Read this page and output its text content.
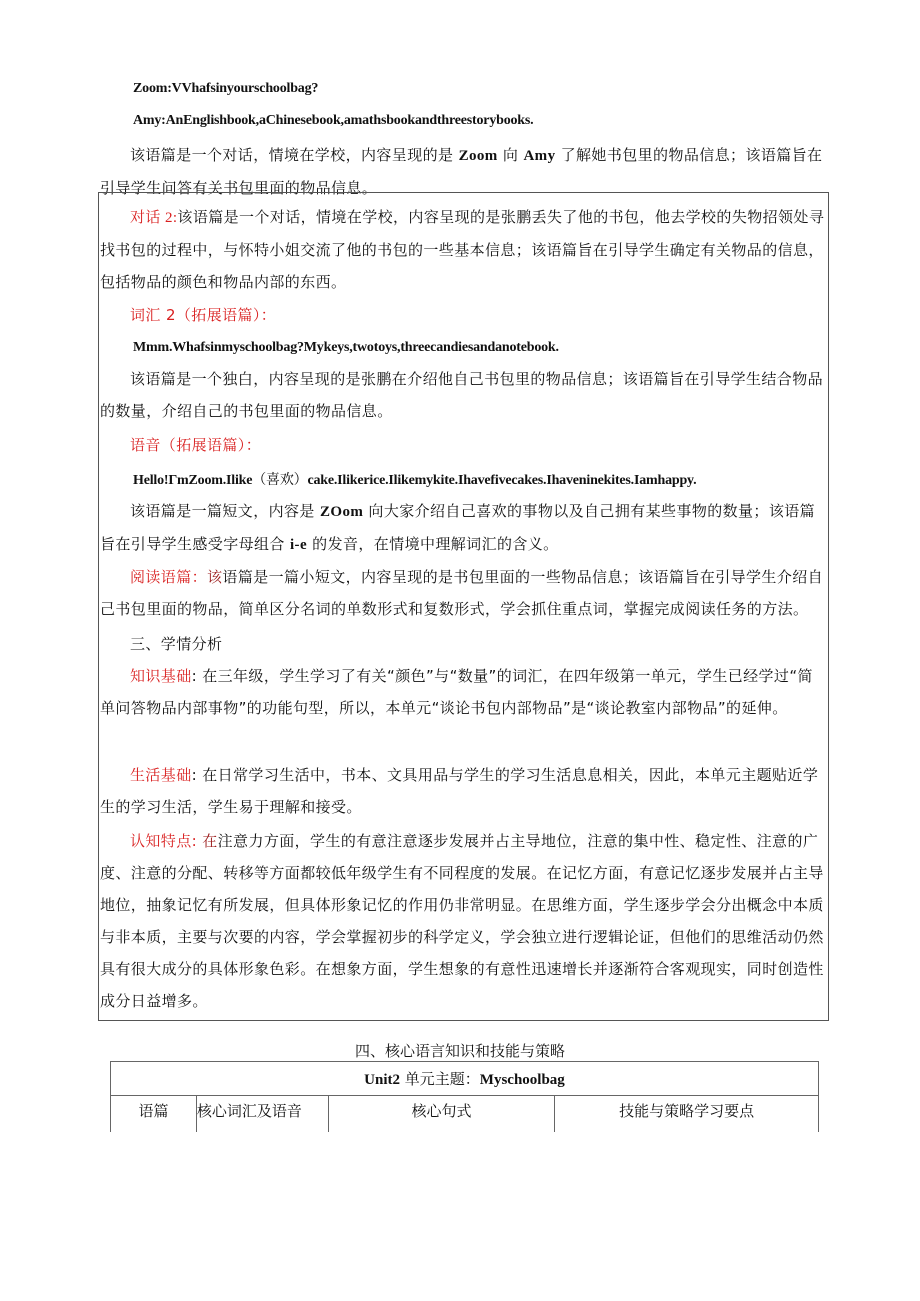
Zoom:VVhafsinyourschoolbag?
Amy:AnEnglishbook,aChinesebook,amathsbookandthreestorybooks.
该语篇是一个对话，情境在学校，内容呈现的是 Zoom 向 Amy 了解她书包里的物品信息；该语篇旨在引导学生问答有关书包里面的物品信息。
对话 2:该语篇是一个对话，情境在学校，内容呈现的是张鹏丢失了他的书包，他去学校的失物招领处寻找书包的过程中，与怀特小姐交流了他的书包的一些基本信息；该语篇旨在引导学生确定有关物品的信息，包括物品的颜色和物品内部的东西。
词汇 2（拓展语篇）：
Mmm.Whafsinmyschoolbag?Mykeys,twotoys,threecandiesandanotebook.
该语篇是一个独白，内容呈现的是张鹏在介绍他自己书包里的物品信息；该语篇旨在引导学生结合物品的数量，介绍自己的书包里面的物品信息。
语音（拓展语篇）：
Hello!ΓmZoom.Ilike（喜欢）cake.Ilikerice.Ilikemykite.Ihavefivecakes.Ihaveninekites.Iamhappy.
该语篇是一篇短文，内容是 ZOom 向大家介绍自己喜欢的事物以及自己拥有某些事物的数量；该语篇旨在引导学生感受字母组合 i-e 的发音，在情境中理解词汇的含义。
阅读语篇：该语篇是一篇小短文，内容呈现的是书包里面的一些物品信息；该语篇旨在引导学生介绍自己书包里面的物品，简单区分名词的单数形式和复数形式，学会抓住重点词，掌握完成阅读任务的方法。
三、学情分析
知识基础: 在三年级，学生学习了有关“颜色”与“数量”的词汇，在四年级第一单元，学生已经学过“简单问答物品内部事物”的功能句型，所以，本单元“谈论书包内部物品”是“谈论教室内部物品”的延伸。
生活基础: 在日常学习生活中，书本、文具用品与学生的学习生活息息相关，因此，本单元主题贴近学生的学习生活，学生易于理解和接受。
认知特点: 在注意力方面，学生的有意注意逐步发展并占主导地位，注意的集中性、稳定性、注意的广度、注意的分配、转移等方面都较低年级学生有不同程度的发展。在记忆方面，有意记忆逐步发展并占主导地位，抽象记忆有所发展，但具体形象记忆的作用仍非常明显。在思维方面，学生逐步学会分出概念中本质与非本质，主要与次要的内容，学会掌握初步的科学定义，学会独立进行逻辑论证，但他们的思维活动仍然具有很大成分的具体形象色彩。在想象方面，学生想象的有意性迅速增长并逐渐符合客观现实，同时创造性成分日益增多。
四、核心语言知识和技能与策略
Unit2 单元主题：Myschoolbag
语篇	核心词汇及语音	核心句式	技能与策略学习要点
